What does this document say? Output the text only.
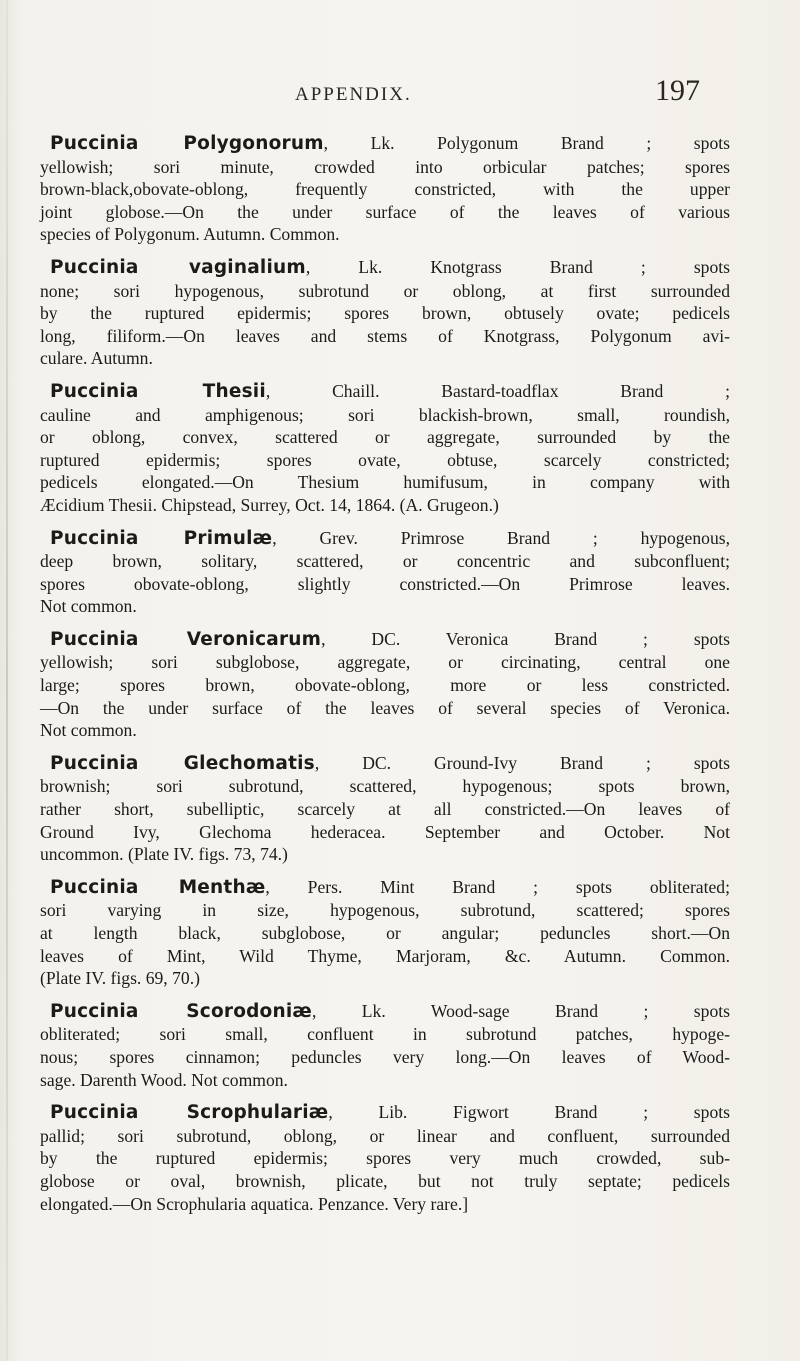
APPENDIX.	197

Puccinia Polygonorum, Lk. Polygonum Brand ; spots
yellowish; sori minute, crowded into orbicular patches; spores
brown-black,obovate-oblong, frequently constricted, with the upper
joint globose.—On the under surface of the leaves of various
species of Polygonum. Autumn. Common.

Puccinia vaginalium, Lk. Knotgrass Brand ; spots
none; sori hypogenous, subrotund or oblong, at first surrounded
by the ruptured epidermis; spores brown, obtusely ovate; pedicels
long, filiform.—On leaves and stems of Knotgrass, Polygonum avi-
culare. Autumn.

Puccinia Thesii, Chaill. Bastard-toadflax Brand ;
cauline and amphigenous; sori blackish-brown, small, roundish,
or oblong, convex, scattered or aggregate, surrounded by the
ruptured epidermis; spores ovate, obtuse, scarcely constricted;
pedicels elongated.—On Thesium humifusum, in company with
Æcidium Thesii. Chipstead, Surrey, Oct. 14, 1864. (A. Grugeon.)

Puccinia Primulæ, Grev. Primrose Brand ; hypogenous,
deep brown, solitary, scattered, or concentric and subconfluent;
spores obovate-oblong, slightly constricted.—On Primrose leaves.
Not common.

Puccinia Veronicarum, DC. Veronica Brand ; spots
yellowish; sori subglobose, aggregate, or circinating, central one
large; spores brown, obovate-oblong, more or less constricted.
—On the under surface of the leaves of several species of Veronica.
Not common.

Puccinia Glechomatis, DC. Ground-Ivy Brand ; spots
brownish; sori subrotund, scattered, hypogenous; spots brown,
rather short, subelliptic, scarcely at all constricted.—On leaves of
Ground Ivy, Glechoma hederacea. September and October. Not
uncommon. (Plate IV. figs. 73, 74.)

Puccinia Menthæ, Pers. Mint Brand ; spots obliterated;
sori varying in size, hypogenous, subrotund, scattered; spores
at length black, subglobose, or angular; peduncles short.—On
leaves of Mint, Wild Thyme, Marjoram, &c. Autumn. Common.
(Plate IV. figs. 69, 70.)

Puccinia Scorodoniæ, Lk. Wood-sage Brand ; spots
obliterated; sori small, confluent in subrotund patches, hypoge-
nous; spores cinnamon; peduncles very long.—On leaves of Wood-
sage. Darenth Wood. Not common.

Puccinia Scrophulariæ, Lib. Figwort Brand ; spots
pallid; sori subrotund, oblong, or linear and confluent, surrounded
by the ruptured epidermis; spores very much crowded, sub-
globose or oval, brownish, plicate, but not truly septate; pedicels
elongated.—On Scrophularia aquatica. Penzance. Very rare.]
